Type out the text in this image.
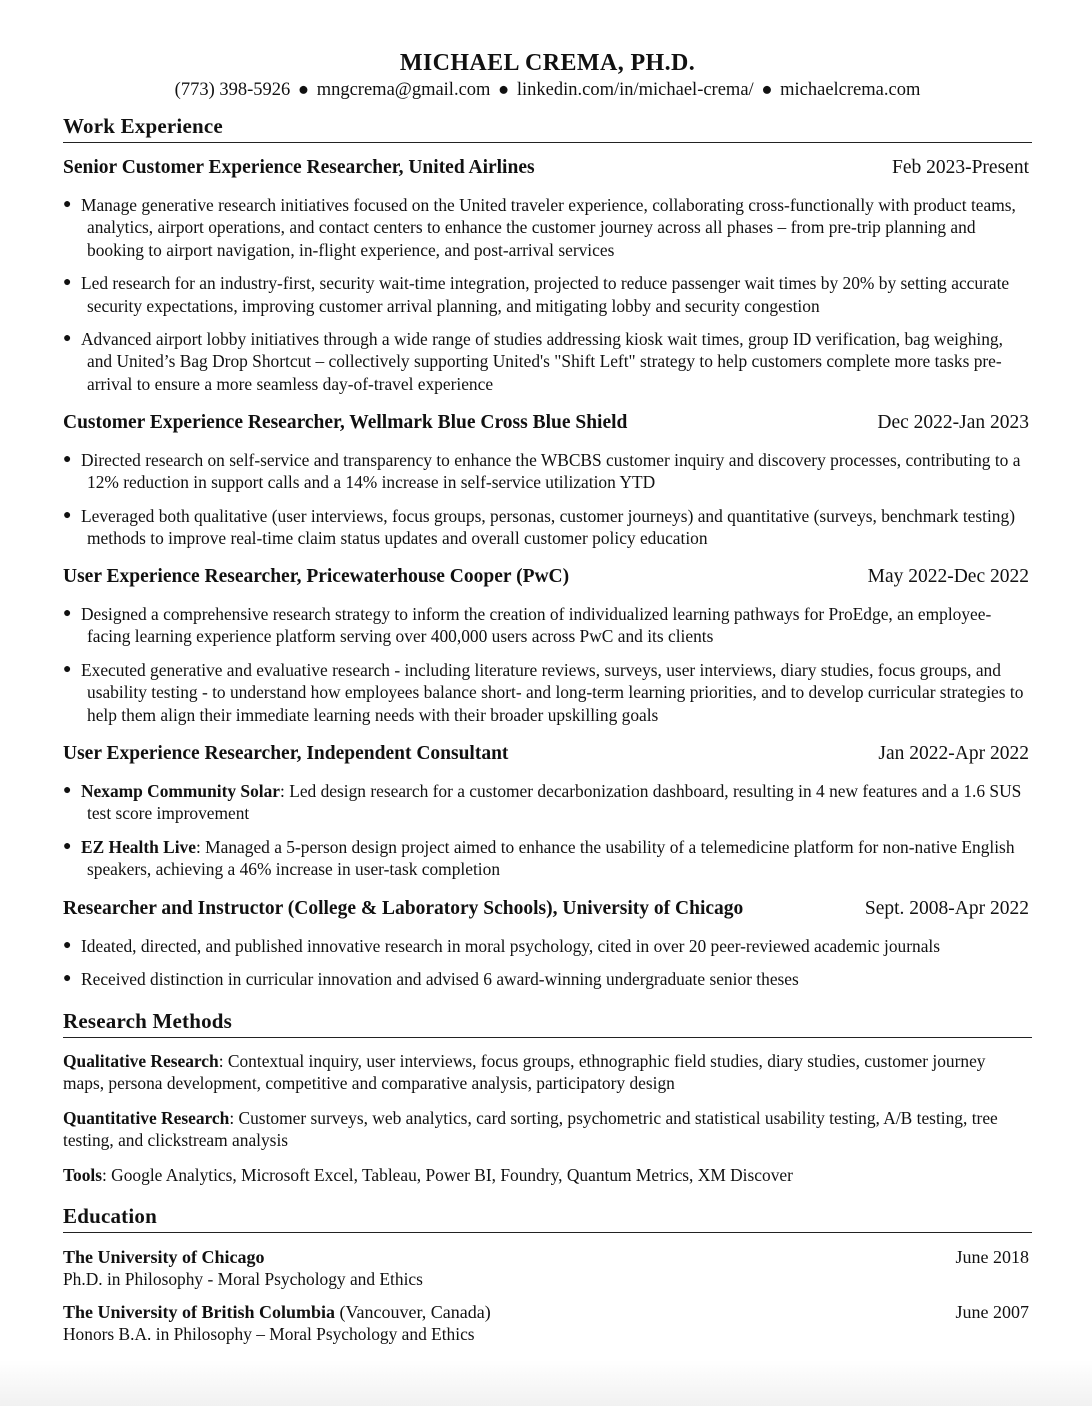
MICHAEL CREMA, PH.D.
(773) 398-5926 ● mngcrema@gmail.com ● linkedin.com/in/michael-crema/ ● michaelcrema.com
Work Experience
Senior Customer Experience Researcher, United Airlines	Feb 2023-Present
● Manage generative research initiatives focused on the United traveler experience, collaborating cross-functionally with product teams, analytics, airport operations, and contact centers to enhance the customer journey across all phases – from pre-trip planning and booking to airport navigation, in-flight experience, and post-arrival services
● Led research for an industry-first, security wait-time integration, projected to reduce passenger wait times by 20% by setting accurate security expectations, improving customer arrival planning, and mitigating lobby and security congestion
● Advanced airport lobby initiatives through a wide range of studies addressing kiosk wait times, group ID verification, bag weighing, and United’s Bag Drop Shortcut – collectively supporting United's "Shift Left" strategy to help customers complete more tasks pre-arrival to ensure a more seamless day-of-travel experience
Customer Experience Researcher, Wellmark Blue Cross Blue Shield	Dec 2022-Jan 2023
● Directed research on self-service and transparency to enhance the WBCBS customer inquiry and discovery processes, contributing to a 12% reduction in support calls and a 14% increase in self-service utilization YTD
● Leveraged both qualitative (user interviews, focus groups, personas, customer journeys) and quantitative (surveys, benchmark testing) methods to improve real-time claim status updates and overall customer policy education
User Experience Researcher, Pricewaterhouse Cooper (PwC)	May 2022-Dec 2022
● Designed a comprehensive research strategy to inform the creation of individualized learning pathways for ProEdge, an employee-facing learning experience platform serving over 400,000 users across PwC and its clients
● Executed generative and evaluative research - including literature reviews, surveys, user interviews, diary studies, focus groups, and usability testing - to understand how employees balance short- and long-term learning priorities, and to develop curricular strategies to help them align their immediate learning needs with their broader upskilling goals
User Experience Researcher, Independent Consultant	Jan 2022-Apr 2022
● Nexamp Community Solar: Led design research for a customer decarbonization dashboard, resulting in 4 new features and a 1.6 SUS test score improvement
● EZ Health Live: Managed a 5-person design project aimed to enhance the usability of a telemedicine platform for non-native English speakers, achieving a 46% increase in user-task completion
Researcher and Instructor (College & Laboratory Schools), University of Chicago	Sept. 2008-Apr 2022
● Ideated, directed, and published innovative research in moral psychology, cited in over 20 peer-reviewed academic journals
● Received distinction in curricular innovation and advised 6 award-winning undergraduate senior theses
Research Methods
Qualitative Research: Contextual inquiry, user interviews, focus groups, ethnographic field studies, diary studies, customer journey maps, persona development, competitive and comparative analysis, participatory design
Quantitative Research: Customer surveys, web analytics, card sorting, psychometric and statistical usability testing, A/B testing, tree testing, and clickstream analysis
Tools: Google Analytics, Microsoft Excel, Tableau, Power BI, Foundry, Quantum Metrics, XM Discover
Education
The University of Chicago	June 2018
Ph.D. in Philosophy - Moral Psychology and Ethics
The University of British Columbia (Vancouver, Canada)	June 2007
Honors B.A. in Philosophy – Moral Psychology and Ethics
